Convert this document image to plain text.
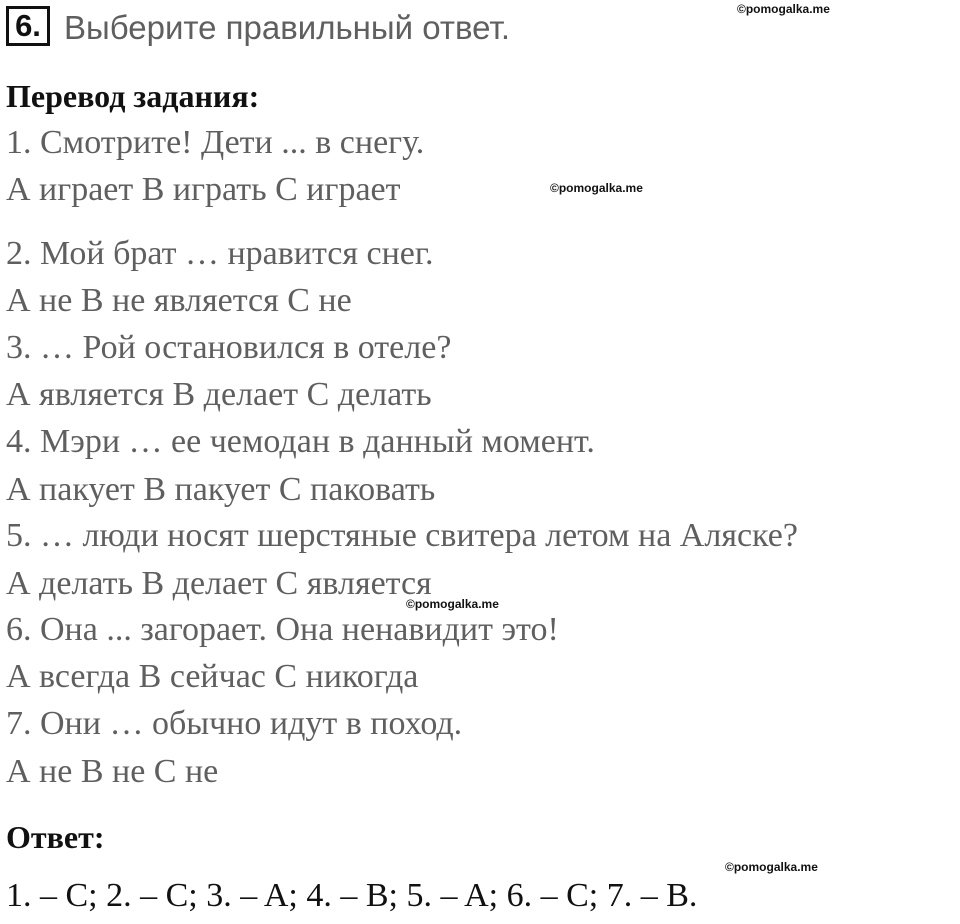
6. Выберите правильный ответ.	©pomogalka.me
©pomogalka.me
©pomogalka.me
©pomogalka.me
Перевод задания:
1. Смотрите! Дети ... в снегу.
А играет В играть С играет
2. Мой брат … нравится снег.
А не В не является С не
3. … Рой остановился в отеле?
А является В делает С делать
4. Мэри … ее чемодан в данный момент.
А пакует В пакует С паковать
5. … люди носят шерстяные свитера летом на Аляске?
А делать В делает С является
6. Она ... загорает. Она ненавидит это!
А всегда В сейчас С никогда
7. Они … обычно идут в поход.
А не В не С не
Ответ:
1. – C; 2. – C; 3. – A; 4. – B; 5. – A; 6. – C; 7. – B.
